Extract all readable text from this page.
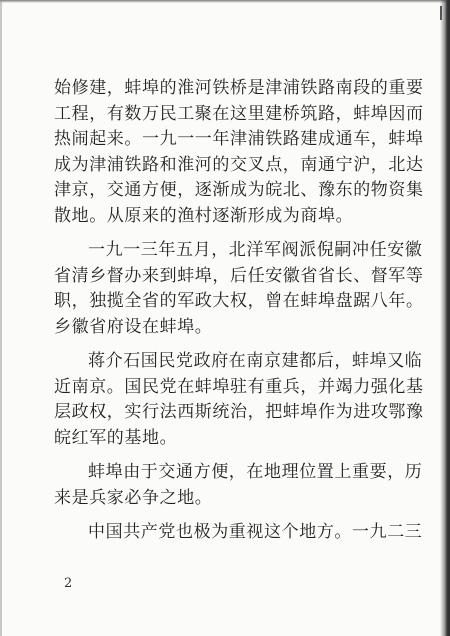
始修建，蚌埠的淮河铁桥是津浦铁路南段的重要
工程，有数万民工聚在这里建桥筑路，蚌埠因而
热闹起来。一九一一年津浦铁路建成通车，蚌埠
成为津浦铁路和淮河的交叉点，南通宁沪，北达
津京，交通方便，逐渐成为皖北、豫东的物资集
散地。从原来的渔村逐渐形成为商埠。
一九一三年五月，北洋军阀派倪嗣冲任安徽
省清乡督办来到蚌埠，后任安徽省省长、督军等
职，独揽全省的军政大权，曾在蚌埠盘踞八年。
乡徽省府设在蚌埠。
蒋介石国民党政府在南京建都后，蚌埠又临
近南京。国民党在蚌埠驻有重兵，并竭力强化基
层政权，实行法西斯统治，把蚌埠作为进攻鄂豫
皖红军的基地。
蚌埠由于交通方便，在地理位置上重要，历
来是兵家必争之地。
中国共产党也极为重视这个地方。一九二三
2
